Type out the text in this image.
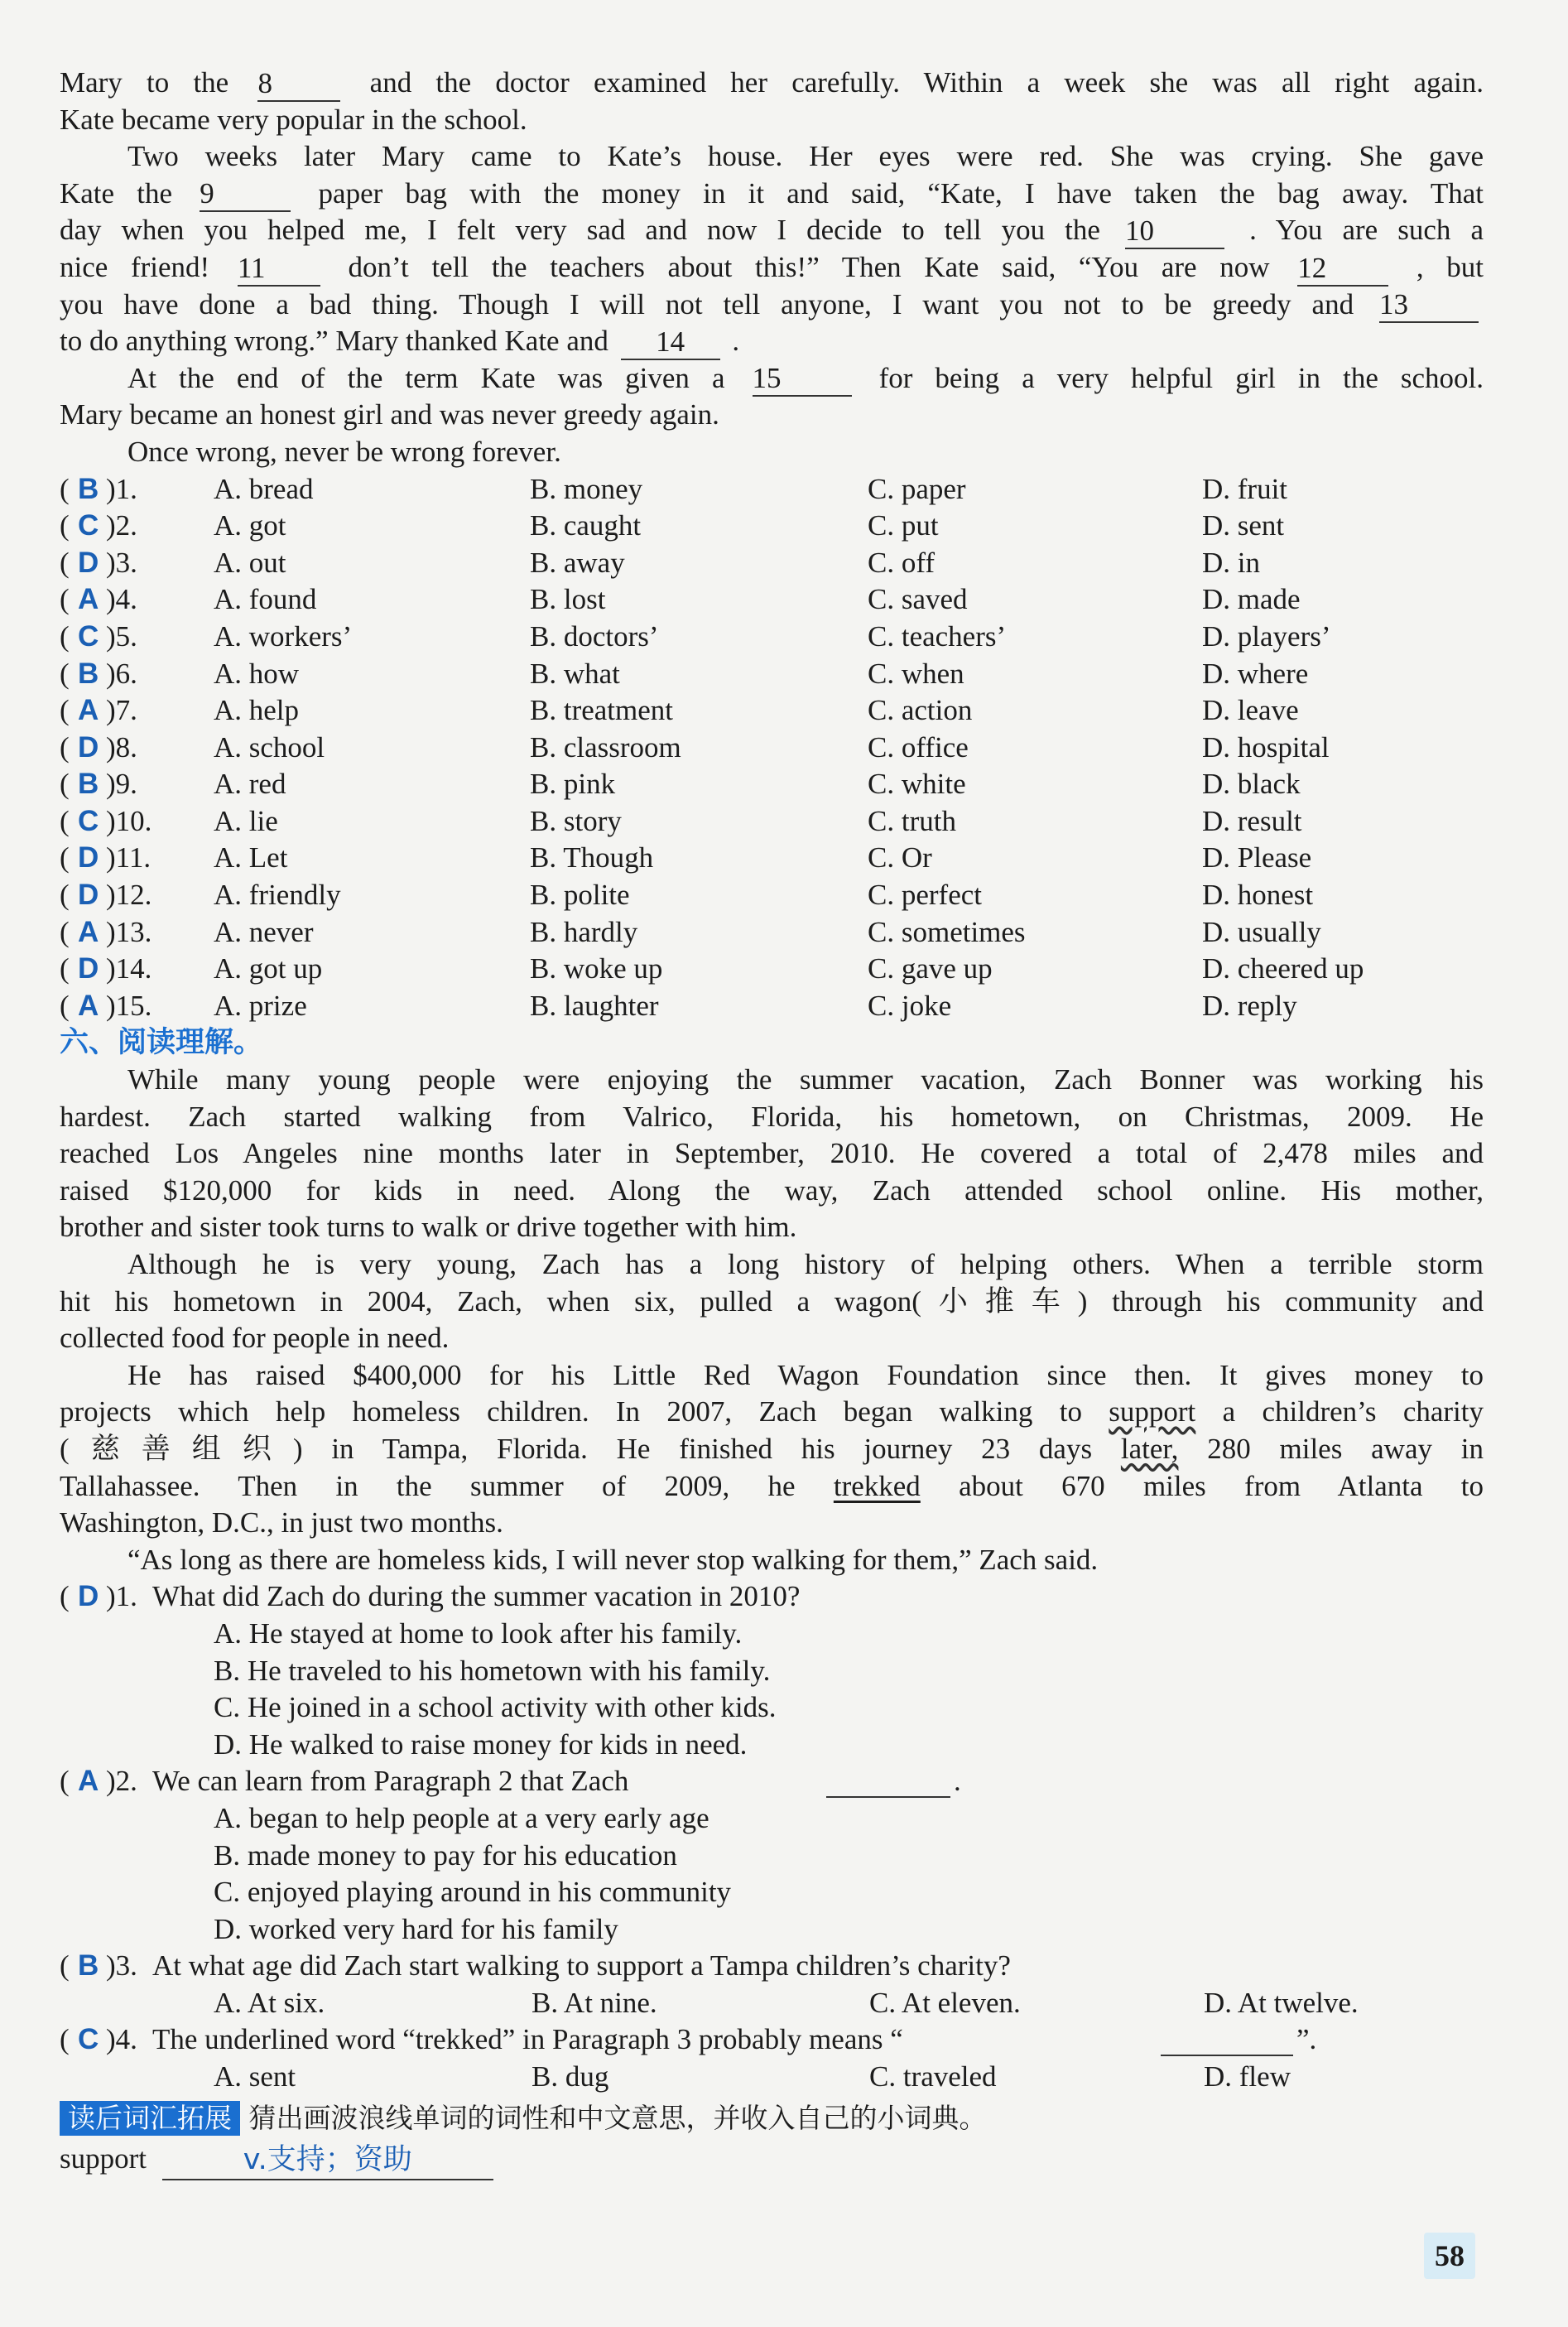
Mary to the 8	and the doctor examined her carefully. Within a week she was all right again.
Kate became very popular in the school.
Two weeks later Mary came to Kate’s house. Her eyes were red. She was crying. She gave
Kate the 9	paper bag with the money in it and said, “Kate, I have taken the bag away. That
day when you helped me, I felt very sad and now I decide to tell you the 10	. You are such a
nice friend! 11	don’t tell the teachers about this!” Then Kate said, “You are now 12	, but
you have done a bad thing. Though I will not tell anyone, I want you not to be greedy and 13
to do anything wrong.” Mary thanked Kate and 14 .
At the end of the term Kate was given a 15	for being a very helpful girl in the school.
Mary became an honest girl and was never greedy again.
Once wrong, never be wrong forever.
( B )1.	A. bread	B. money	C. paper	D. fruit
( C )2.	A. got	B. caught	C. put	D. sent
( D )3.	A. out	B. away	C. off	D. in
( A )4.	A. found	B. lost	C. saved	D. made
( C )5.	A. workers’	B. doctors’	C. teachers’	D. players’
( B )6.	A. how	B. what	C. when	D. where
( A )7.	A. help	B. treatment	C. action	D. leave
( D )8.	A. school	B. classroom	C. office	D. hospital
( B )9.	A. red	B. pink	C. white	D. black
( C )10. A. lie	B. story	C. truth	D. result
( D )11. A. Let	B. Though	C. Or	D. Please
( D )12. A. friendly	B. polite	C. perfect	D. honest
( A )13. A. never	B. hardly	C. sometimes	D. usually
( D )14. A. got up	B. woke up	C. gave up	D. cheered up
( A )15. A. prize	B. laughter	C. joke	D. reply
六、阅读理解。
While many young people were enjoying the summer vacation, Zach Bonner was working his
hardest. Zach started walking from Valrico, Florida, his hometown, on Christmas, 2009. He
reached Los Angeles nine months later in September, 2010. He covered a total of 2,478 miles and
raised $120,000 for kids in need. Along the way, Zach attended school online. His mother,
brother and sister took turns to walk or drive together with him.
Although he is very young, Zach has a long history of helping others. When a terrible storm
hit his hometown in 2004, Zach, when six, pulled a wagon(小推车) through his community and
collected food for people in need.
He has raised $400,000 for his Little Red Wagon Foundation since then. It gives money to
projects which help homeless children. In 2007, Zach began walking to support a children’s charity
(慈善组织) in Tampa, Florida. He finished his journey 23 days later, 280 miles away in
Tallahassee. Then in the summer of 2009, he trekked about 670 miles from Atlanta to
Washington, D.C., in just two months.
“As long as there are homeless kids, I will never stop walking for them,” Zach said.
( D )1. What did Zach do during the summer vacation in 2010?
A. He stayed at home to look after his family.
B. He traveled to his hometown with his family.
C. He joined in a school activity with other kids.
D. He walked to raise money for kids in need.
( A )2. We can learn from Paragraph 2 that Zach	.
A. began to help people at a very early age
B. made money to pay for his education
C. enjoyed playing around in his community
D. worked very hard for his family
( B )3. At what age did Zach start walking to support a Tampa children’s charity?
A. At six.	B. At nine.	C. At eleven.	D. At twelve.
( C )4. The underlined word “trekked” in Paragraph 3 probably means “	”.
A. sent	B. dug	C. traveled	D. flew
读后词汇拓展 猜出画波浪线单词的词性和中文意思，并收入自己的小词典。
support	v.支持；资助
58
